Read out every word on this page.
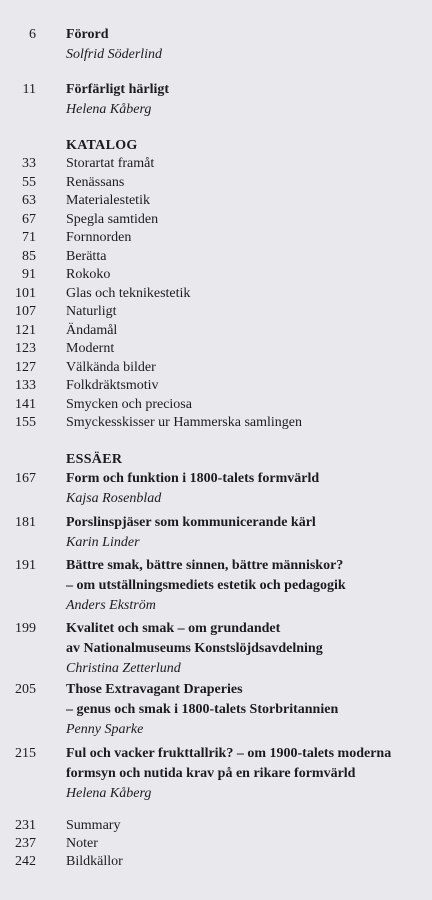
6 Förord
Solfrid Söderlind
11 Förfärligt härligt
Helena Kåberg
KATALOG
33 Storartat framåt
55 Renässans
63 Materialestetik
67 Spegla samtiden
71 Fornnorden
85 Berätta
91 Rokoko
101 Glas och teknikestetik
107 Naturligt
121 Ändamål
123 Modernt
127 Välkända bilder
133 Folkdräktsmotiv
141 Smycken och preciosa
155 Smyckesskisser ur Hammerska samlingen
ESSÄER
167 Form och funktion i 1800-talets formvärld
Kajsa Rosenblad
181 Porslinspjäser som kommunicerande kärl
Karin Linder
191 Bättre smak, bättre sinnen, bättre människor?
– om utställningsmediets estetik och pedagogik
Anders Ekström
199 Kvalitet och smak – om grundandet
av Nationalmuseums Konstslöjdsavdelning
Christina Zetterlund
205 Those Extravagant Draperies
– genus och smak i 1800-talets Storbritannien
Penny Sparke
215 Ful och vacker frukttallrik? – om 1900-talets moderna
formsyn och nutida krav på en rikare formvärld
Helena Kåberg
231 Summary
237 Noter
242 Bildkällor
